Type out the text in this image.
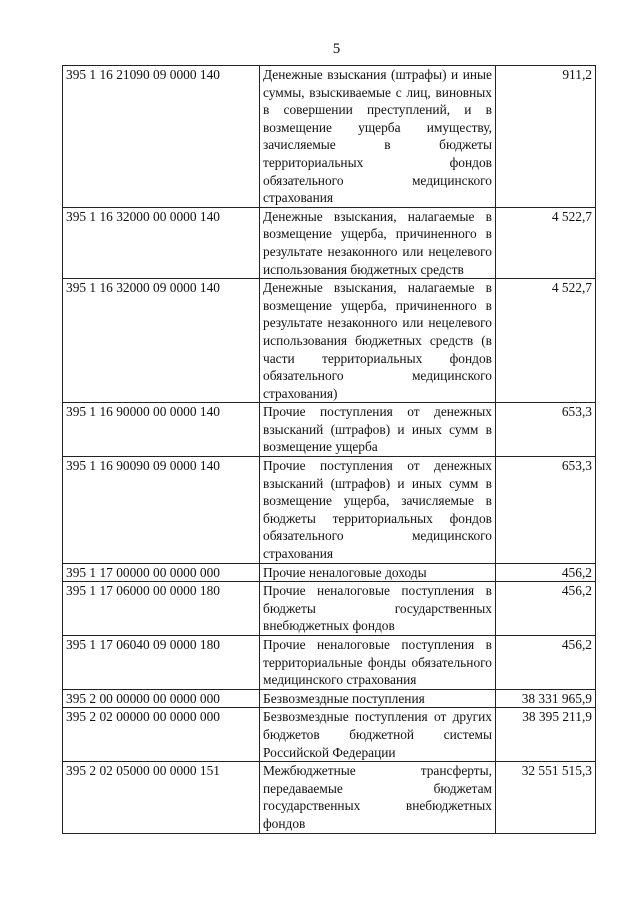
5
395 1 16 21090 09 0000 140	Денежные взыскания (штрафы) и иные суммы, взыскиваемые с лиц, виновных в совершении преступлений, и в возмещение ущерба имуществу, зачисляемые в бюджеты территориальных фондов обязательного медицинского страхования	911,2
395 1 16 32000 00 0000 140	Денежные взыскания, налагаемые в возмещение ущерба, причиненного в результате незаконного или нецелевого использования бюджетных средств	4 522,7
395 1 16 32000 09 0000 140	Денежные взыскания, налагаемые в возмещение ущерба, причиненного в результате незаконного или нецелевого использования бюджетных средств (в части территориальных фондов обязательного медицинского страхования)	4 522,7
395 1 16 90000 00 0000 140	Прочие поступления от денежных взысканий (штрафов) и иных сумм в возмещение ущерба	653,3
395 1 16 90090 09 0000 140	Прочие поступления от денежных взысканий (штрафов) и иных сумм в возмещение ущерба, зачисляемые в бюджеты территориальных фондов обязательного медицинского страхования	653,3
395 1 17 00000 00 0000 000	Прочие неналоговые доходы	456,2
395 1 17 06000 00 0000 180	Прочие неналоговые поступления в бюджеты государственных внебюджетных фондов	456,2
395 1 17 06040 09 0000 180	Прочие неналоговые поступления в территориальные фонды обязательного медицинского страхования	456,2
395 2 00 00000 00 0000 000	Безвозмездные поступления	38 331 965,9
395 2 02 00000 00 0000 000	Безвозмездные поступления от других бюджетов бюджетной системы Российской Федерации	38 395 211,9
395 2 02 05000 00 0000 151	Межбюджетные трансферты, передаваемые бюджетам государственных внебюджетных фондов	32 551 515,3
